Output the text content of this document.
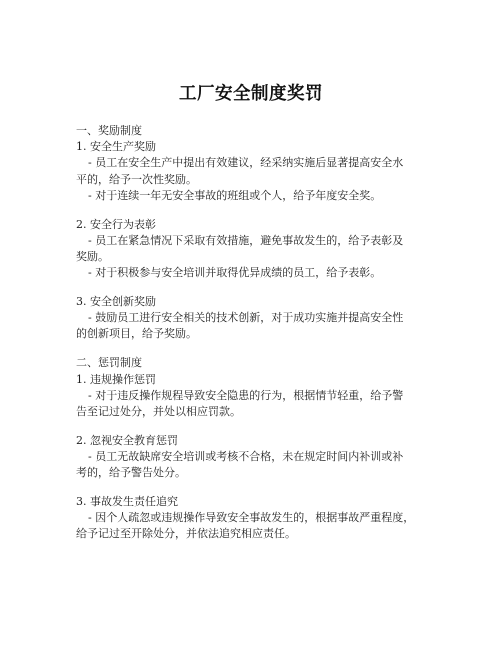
工厂安全制度奖罚
一、奖励制度
1. 安全生产奖励
- 员工在安全生产中提出有效建议，经采纳实施后显著提高安全水
平的，给予一次性奖励。
- 对于连续一年无安全事故的班组或个人，给予年度安全奖。
2. 安全行为表彰
- 员工在紧急情况下采取有效措施，避免事故发生的，给予表彰及
奖励。
- 对于积极参与安全培训并取得优异成绩的员工，给予表彰。
3. 安全创新奖励
- 鼓励员工进行安全相关的技术创新，对于成功实施并提高安全性
的创新项目，给予奖励。
二、惩罚制度
1. 违规操作惩罚
- 对于违反操作规程导致安全隐患的行为，根据情节轻重，给予警
告至记过处分，并处以相应罚款。
2. 忽视安全教育惩罚
- 员工无故缺席安全培训或考核不合格，未在规定时间内补训或补
考的，给予警告处分。
3. 事故发生责任追究
- 因个人疏忽或违规操作导致安全事故发生的，根据事故严重程度，
给予记过至开除处分，并依法追究相应责任。
